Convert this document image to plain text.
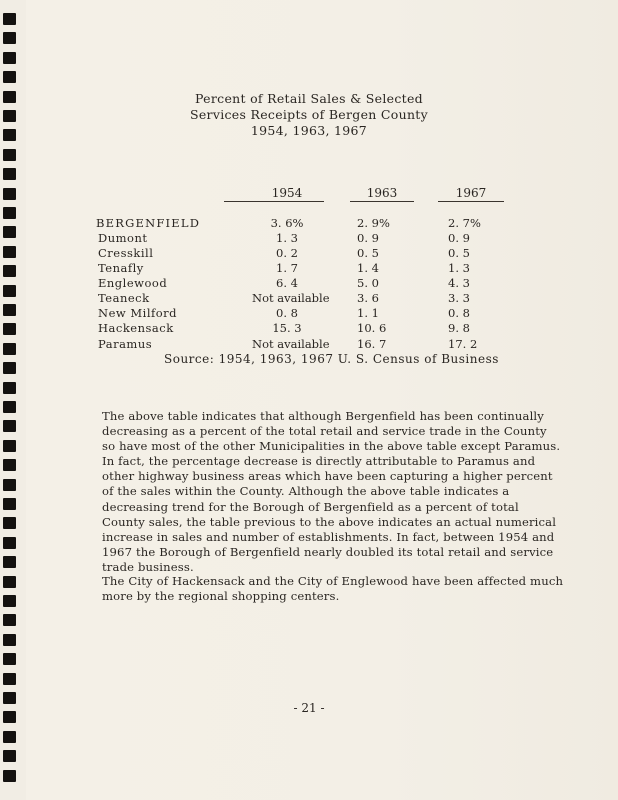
Percent of Retail Sales & Selected
Services Receipts of Bergen County
1954, 1963, 1967
1954	1963	1967
BERGENFIELD	3. 6%	2. 9%	2. 7%
Dumont	1. 3	0. 9	0. 9
Cresskill	0. 2	0. 5	0. 5
Tenafly	1. 7	1. 4	1. 3
Englewood	6. 4	5. 0	4. 3
Teaneck	Not available 3. 6	3. 3
New Milford	0. 8	1. 1	0. 8
Hackensack	15. 3	10. 6	9. 8
Paramus	Not available 16. 7	17. 2
Source: 1954, 1963, 1967 U. S. Census of Business
The above table indicates that although Bergenfield has been continually
decreasing as a percent of the total retail and service trade in the County
so have most of the other Municipalities in the above table except Paramus.
In fact, the percentage decrease is directly attributable to Paramus and
other highway business areas which have been capturing a higher percent
of the sales within the County. Although the above table indicates a
decreasing trend for the Borough of Bergenfield as a percent of total
County sales, the table previous to the above indicates an actual numerical
increase in sales and number of establishments. In fact, between 1954 and
1967 the Borough of Bergenfield nearly doubled its total retail and service
trade business.
The City of Hackensack and the City of Englewood have been affected much
more by the regional shopping centers.
- 21 -
